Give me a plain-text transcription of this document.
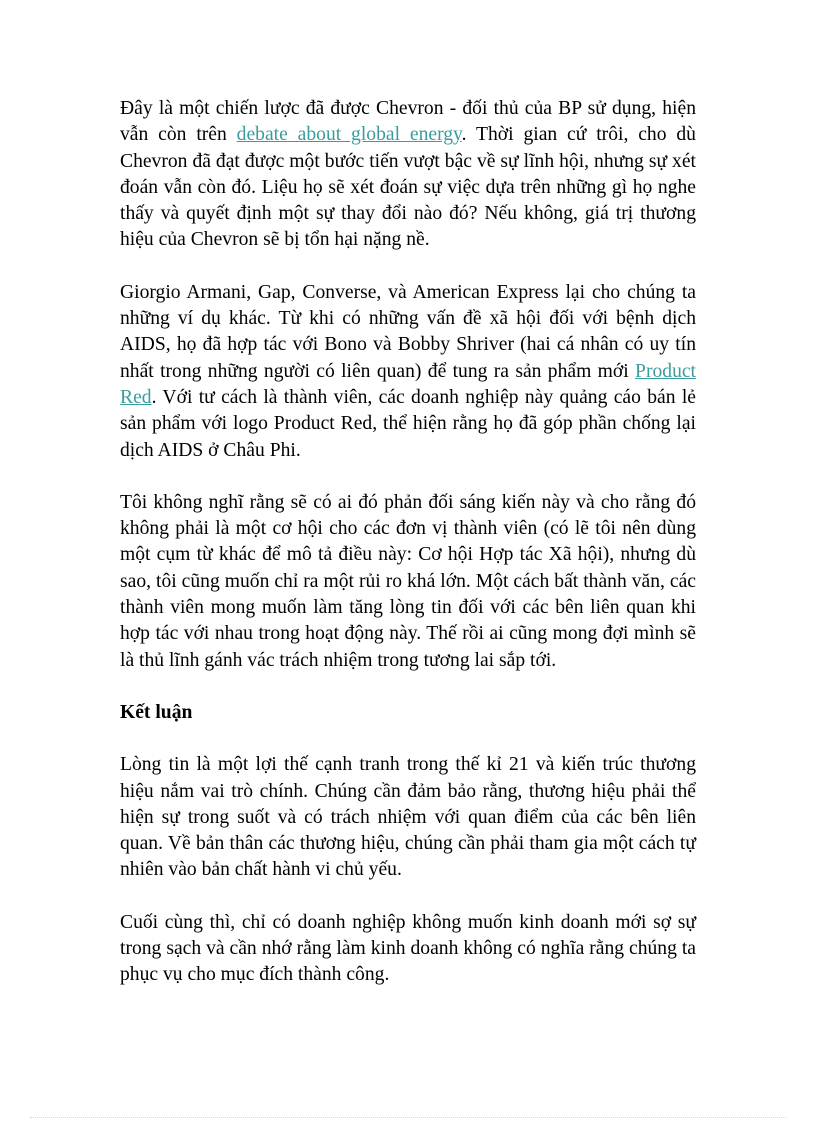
Đây là một chiến lược đã được Chevron - đối thủ của BP sử dụng, hiện vẫn còn trên debate about global energy. Thời gian cứ trôi, cho dù Chevron đã đạt được một bước tiến vượt bậc về sự lĩnh hội, nhưng sự xét đoán vẫn còn đó. Liệu họ sẽ xét đoán sự việc dựa trên những gì họ nghe thấy và quyết định một sự thay đổi nào đó? Nếu không, giá trị thương hiệu của Chevron sẽ bị tổn hại nặng nề.

Giorgio Armani, Gap, Converse, và American Express lại cho chúng ta những ví dụ khác. Từ khi có những vấn đề xã hội đối với bệnh dịch AIDS, họ đã hợp tác với Bono và Bobby Shriver (hai cá nhân có uy tín nhất trong những người có liên quan) để tung ra sản phẩm mới Product Red. Với tư cách là thành viên, các doanh nghiệp này quảng cáo bán lẻ sản phẩm với logo Product Red, thể hiện rằng họ đã góp phần chống lại dịch AIDS ở Châu Phi.

Tôi không nghĩ rằng sẽ có ai đó phản đối sáng kiến này và cho rằng đó không phải là một cơ hội cho các đơn vị thành viên (có lẽ tôi nên dùng một cụm từ khác để mô tả điều này: Cơ hội Hợp tác Xã hội), nhưng dù sao, tôi cũng muốn chỉ ra một rủi ro khá lớn. Một cách bất thành văn, các thành viên mong muốn làm tăng lòng tin đối với các bên liên quan khi hợp tác với nhau trong hoạt động này. Thế rồi ai cũng mong đợi mình sẽ là thủ lĩnh gánh vác trách nhiệm trong tương lai sắp tới.

Kết luận

Lòng tin là một lợi thế cạnh tranh trong thế kỉ 21 và kiến trúc thương hiệu nắm vai trò chính. Chúng cần đảm bảo rằng, thương hiệu phải thể hiện sự trong suốt và có trách nhiệm với quan điểm của các bên liên quan. Về bản thân các thương hiệu, chúng cần phải tham gia một cách tự nhiên vào bản chất hành vi chủ yếu.

Cuối cùng thì, chỉ có doanh nghiệp không muốn kinh doanh mới sợ sự trong sạch và cần nhớ rằng làm kinh doanh không có nghĩa rằng chúng ta phục vụ cho mục đích thành công.
